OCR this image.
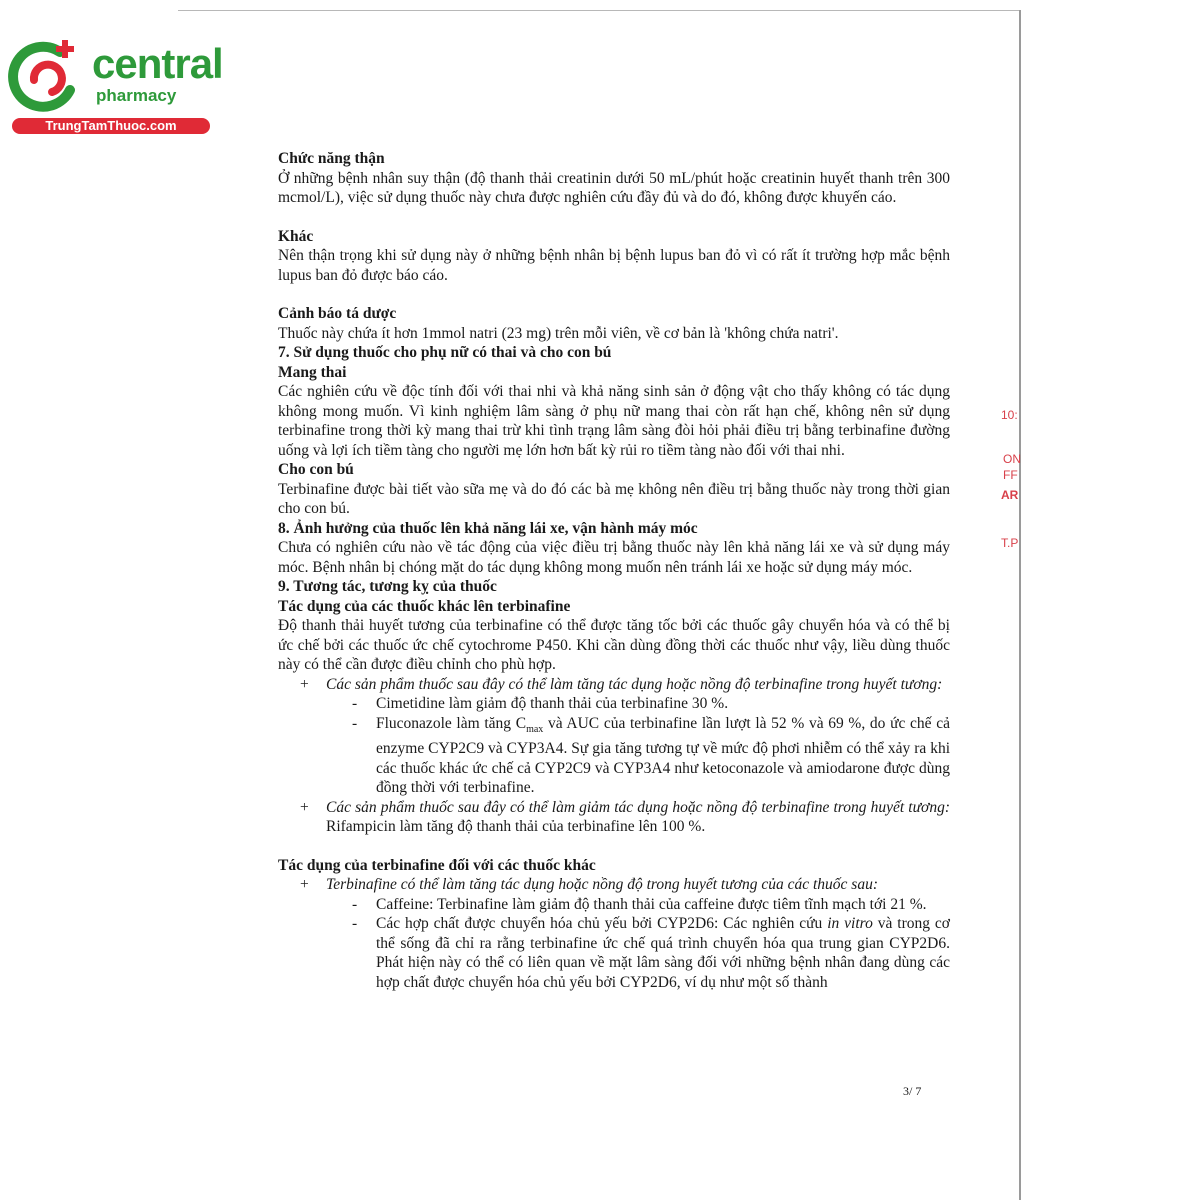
central
pharmacy
TrungTamThuoc.com
10:
ON
FF
AR
T.P

Chức năng thận

Ở những bệnh nhân suy thận (độ thanh thải creatinin dưới 50 mL/phút hoặc creatinin huyết thanh trên 300 mcmol/L), việc sử dụng thuốc này chưa được nghiên cứu đầy đủ và do đó, không được khuyến cáo.

Khác

Nên thận trọng khi sử dụng này ở những bệnh nhân bị bệnh lupus ban đỏ vì có rất ít trường hợp mắc bệnh lupus ban đỏ được báo cáo.

Cảnh báo tá dược

Thuốc này chứa ít hơn 1mmol natri (23 mg) trên mỗi viên, về cơ bản là 'không chứa natri'.

7. Sử dụng thuốc cho phụ nữ có thai và cho con bú

Mang thai

Các nghiên cứu về độc tính đối với thai nhi và khả năng sinh sản ở động vật cho thấy không có tác dụng không mong muốn. Vì kinh nghiệm lâm sàng ở phụ nữ mang thai còn rất hạn chế, không nên sử dụng terbinafine trong thời kỳ mang thai trừ khi tình trạng lâm sàng đòi hỏi phải điều trị bằng terbinafine đường uống và lợi ích tiềm tàng cho người mẹ lớn hơn bất kỳ rủi ro tiềm tàng nào đối với thai nhi.

Cho con bú

Terbinafine được bài tiết vào sữa mẹ và do đó các bà mẹ không nên điều trị bằng thuốc này trong thời gian cho con bú.

8. Ảnh hưởng của thuốc lên khả năng lái xe, vận hành máy móc

Chưa có nghiên cứu nào về tác động của việc điều trị bằng thuốc này lên khả năng lái xe và sử dụng máy móc. Bệnh nhân bị chóng mặt do tác dụng không mong muốn nên tránh lái xe hoặc sử dụng máy móc.

9. Tương tác, tương kỵ của thuốc

Tác dụng của các thuốc khác lên terbinafine

Độ thanh thải huyết tương của terbinafine có thể được tăng tốc bởi các thuốc gây chuyển hóa và có thể bị ức chế bởi các thuốc ức chế cytochrome P450. Khi cần dùng đồng thời các thuốc như vậy, liều dùng thuốc này có thể cần được điều chỉnh cho phù hợp.

+ Các sản phẩm thuốc sau đây có thể làm tăng tác dụng hoặc nồng độ terbinafine trong huyết tương:

- Cimetidine làm giảm độ thanh thải của terbinafine 30 %.

- Fluconazole làm tăng $C_{max}$ và AUC của terbinafine lần lượt là 52 % và 69 %, do ức chế cả enzyme CYP2C9 và CYP3A4. Sự gia tăng tương tự về mức độ phơi nhiễm có thể xảy ra khi các thuốc khác ức chế cả CYP2C9 và CYP3A4 như ketoconazole và amiodarone được dùng đồng thời với terbinafine.

+ Các sản phẩm thuốc sau đây có thể làm giảm tác dụng hoặc nồng độ terbinafine trong huyết tương: Rifampicin làm tăng độ thanh thải của terbinafine lên 100 %.

Tác dụng của terbinafine đối với các thuốc khác

+ Terbinafine có thể làm tăng tác dụng hoặc nồng độ trong huyết tương của các thuốc sau:

- Caffeine: Terbinafine làm giảm độ thanh thải của caffeine được tiêm tĩnh mạch tới 21 %.

- Các hợp chất được chuyển hóa chủ yếu bởi CYP2D6: Các nghiên cứu in vitro và trong cơ thể sống đã chỉ ra rằng terbinafine ức chế quá trình chuyển hóa qua trung gian CYP2D6. Phát hiện này có thể có liên quan về mặt lâm sàng đối với những bệnh nhân đang dùng các hợp chất được chuyển hóa chủ yếu bởi CYP2D6, ví dụ như một số thành

3/ 7
